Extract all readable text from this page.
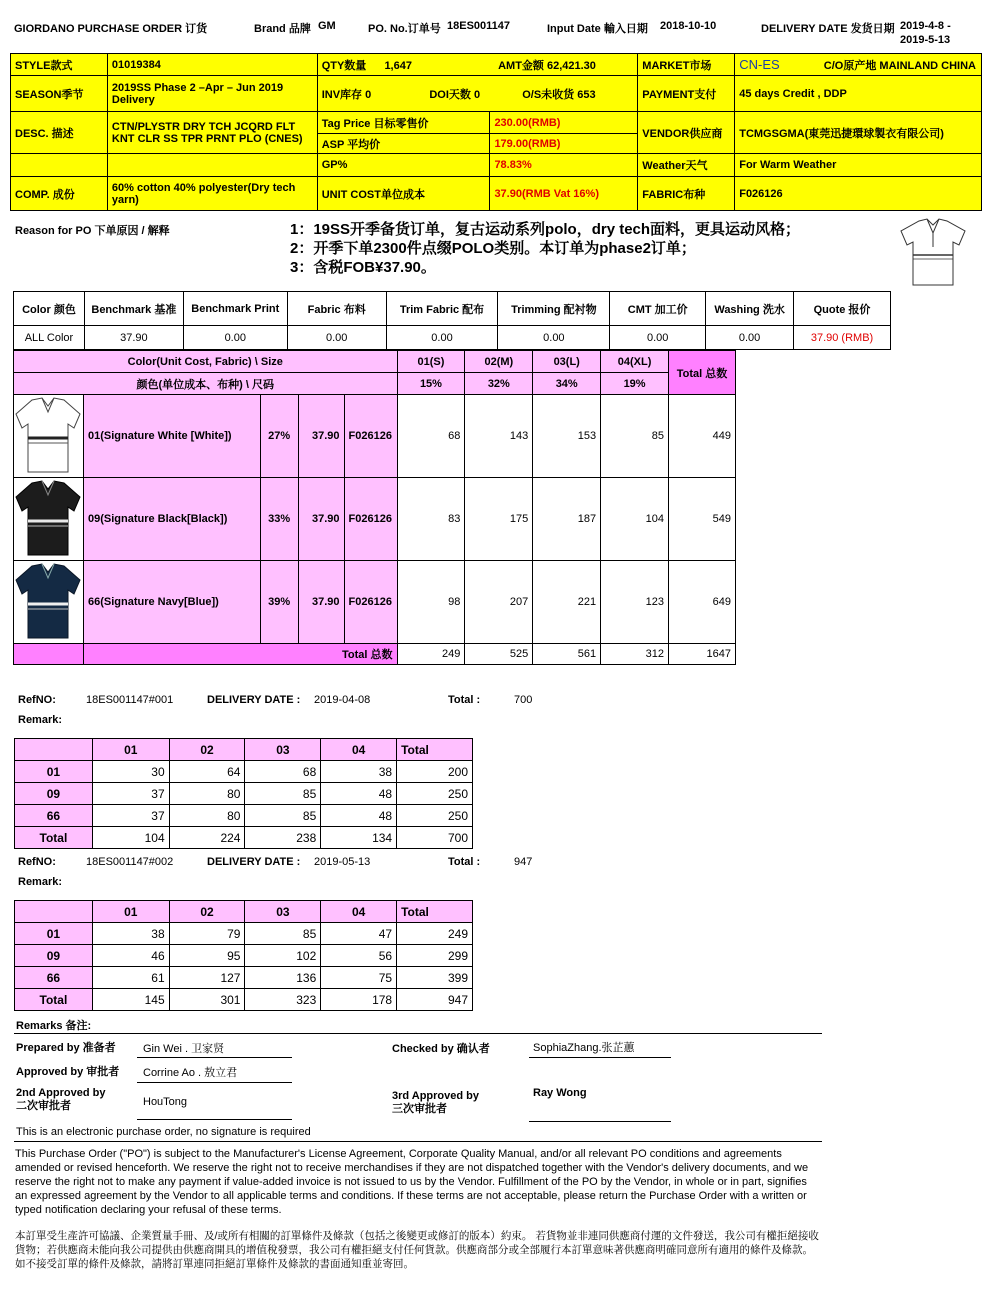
GIORDANO PURCHASE ORDER 订货	Brand 品牌 GM	PO. No.订单号 18ES001147	Input Date 輸入日期 2018-10-10	DELIVERY DATE 发货日期 2019-4-8 -
2019-5-13
STYLE款式	01019384	QTY数量 1,647 AMT金额 62,421.30		MARKET市场	CN-ES C/O原产地 MAINLAND CHINA
SEASON季节	2019SS Phase 2 –Apr – Jun 2019 Delivery	INV库存 0 DOI天数 0 O/S未收货 653		PAYMENT支付	45 days Credit , DDP
DESC. 描述	CTN/PLYSTR DRY TCH JCQRD FLT KNT CLR SS TPR PRNT PLO (CNES)	Tag Price 目标零售价	230.00(RMB)	VENDOR供应商	TCMGSGMA(東莞迅捷環球製衣有限公司)
		ASP 平均价	179.00(RMB)		
		GP%	78.83%	Weather天气	For Warm Weather
COMP. 成份	60% cotton 40% polyester(Dry tech yarn)	UNIT COST单位成本	37.90(RMB Vat 16%)	FABRIC布种	F026126
Reason for PO 下单原因 / 解释	1：19SS开季备货订单，复古运动系列polo，dry tech面料，更具运动风格；
2：开季下单2300件点缀POLO类别。本订单为phase2订单；
3：含税FOB¥37.90。
Color 颜色	Benchmark 基准	Benchmark Print	Fabric 布料	Trim Fabric 配布	Trimming 配衬物	CMT 加工价	Washing 洗水	Quote 报价
ALL Color	37.90	0.00	0.00	0.00	0.00	0.00	0.00	37.90 (RMB)
Color(Unit Cost, Fabric) \ Size					01(S)	02(M)	03(L)	04(XL)	Total 总数
颜色(单位成本、布种) \ 尺码					15%	32%	34%	19%	

	01(Signature White [White])	27%	37.90	F026126	68	143	153	85	449

	09(Signature Black[Black])	33%	37.90	F026126	83	175	187	104	549

	66(Signature Navy[Blue])	39%	37.90	F026126	98	207	221	123	649
	Total 总数				249	525	561	312	1647
RefNO:	18ES001147#001	DELIVERY DATE : 2019-04-08	Total :	700
Remark:
	01	02	03	04	Total
01	30	64	68	38	200
09	37	80	85	48	250
66	37	80	85	48	250
Total	104	224	238	134	700
RefNO:	18ES001147#002	DELIVERY DATE : 2019-05-13	Total :	947
Remark:
	01	02	03	04	Total
01	38	79	85	47	249
09	46	95	102	56	299
66	61	127	136	75	399
Total	145	301	323	178	947
Remarks 备注:
Prepared by 准备者 Gin Wei . 卫家贤	Checked by 确认者	SophiaZhang.张芷蕙
Approved by 审批者 Corrine Ao . 敖立君
2nd Approved by
二次审批者	HouTong	3rd Approved by
三次审批者
Ray Wong
This is an electronic purchase order, no signature is required
This Purchase Order ("PO") is subject to the Manufacturer's License Agreement, Corporate Quality Manual, and/or all relevant PO conditions and agreements amended or revised henceforth. We reserve the right not to receive merchandises if they are not dispatched together with the Vendor's delivery documents, and we reserve the right not to make any payment if value-added invoice is not issued to us by the Vendor. Fulfillment of the PO by the Vendor, in whole or in part, signifies an expressed agreement by the Vendor to all applicable terms and conditions. If these terms are not acceptable, please return the Purchase Order with a written or typed notification declaring your refusal of these terms.
本訂單受生產許可協議、企業質量手冊、及/或所有相關的訂單條件及條款（包括之後變更或修訂的版本）約束。 若貨物並非連同供應商付運的文件發送，我公司有權拒絕接收貨物；若供應商未能向我公司提供由供應商開具的增值稅發票，我公司有權拒絕支付任何貨款。供應商部分或全部履行本訂單意味著供應商明確同意所有適用的條件及條款。如不接受訂單的條件及條款，請將訂單連同拒絕訂單條件及條款的書面通知重並寄回。
